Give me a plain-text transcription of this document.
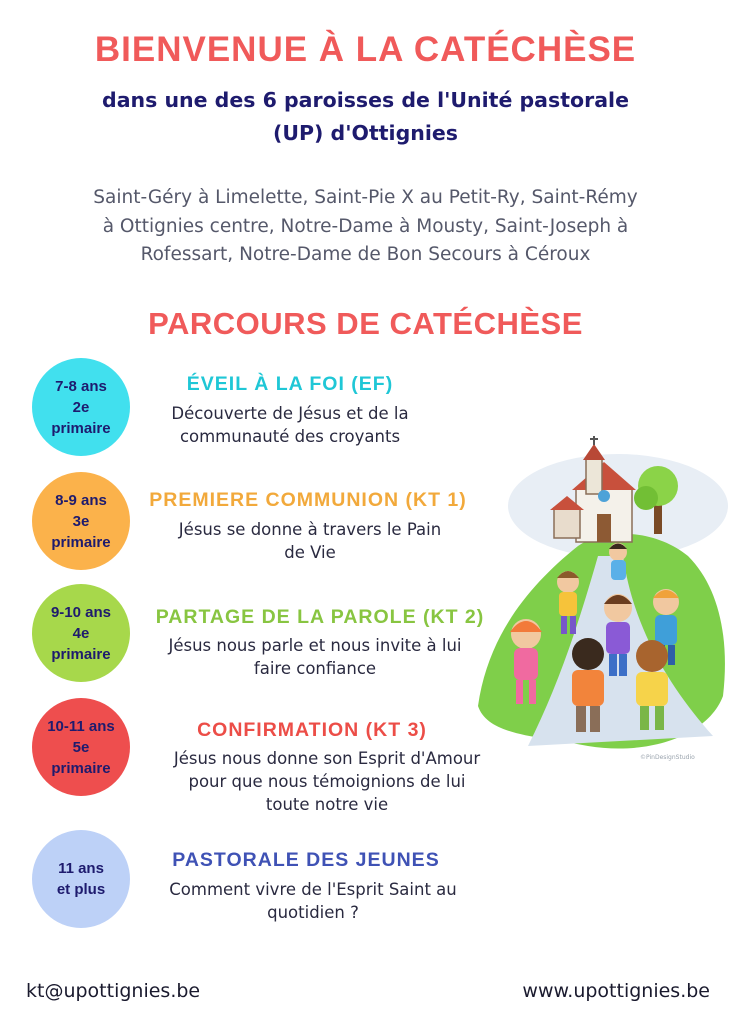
BIENVENUE À LA CATÉCHÈSE
dans une des 6 paroisses de l'Unité pastorale
(UP) d'Ottignies
Saint-Géry à Limelette, Saint-Pie X au Petit-Ry, Saint-Rémy
à Ottignies centre, Notre-Dame à Mousty, Saint-Joseph à
Rofessart, Notre-Dame de Bon Secours à Céroux
PARCOURS DE CATÉCHÈSE
7-8 ans
2e
primaire
ÉVEIL À LA FOI (EF)
Découverte de Jésus et de la
communauté des croyants
8-9 ans
3e
primaire
PREMIERE COMMUNION (KT 1)
Jésus se donne à travers le Pain
de Vie
9-10 ans
4e
primaire
PARTAGE DE LA PAROLE (KT 2)
Jésus nous parle et nous invite à lui
faire confiance
10-11 ans
5e
primaire
CONFIRMATION (KT 3)
Jésus nous donne son Esprit d'Amour
pour que nous témoignions de lui
toute notre vie
11 ans
et plus
PASTORALE DES JEUNES
Comment vivre de l'Esprit Saint au
quotidien ?
©PinDesignStudio
kt@upottignies.be	www.upottignies.be
